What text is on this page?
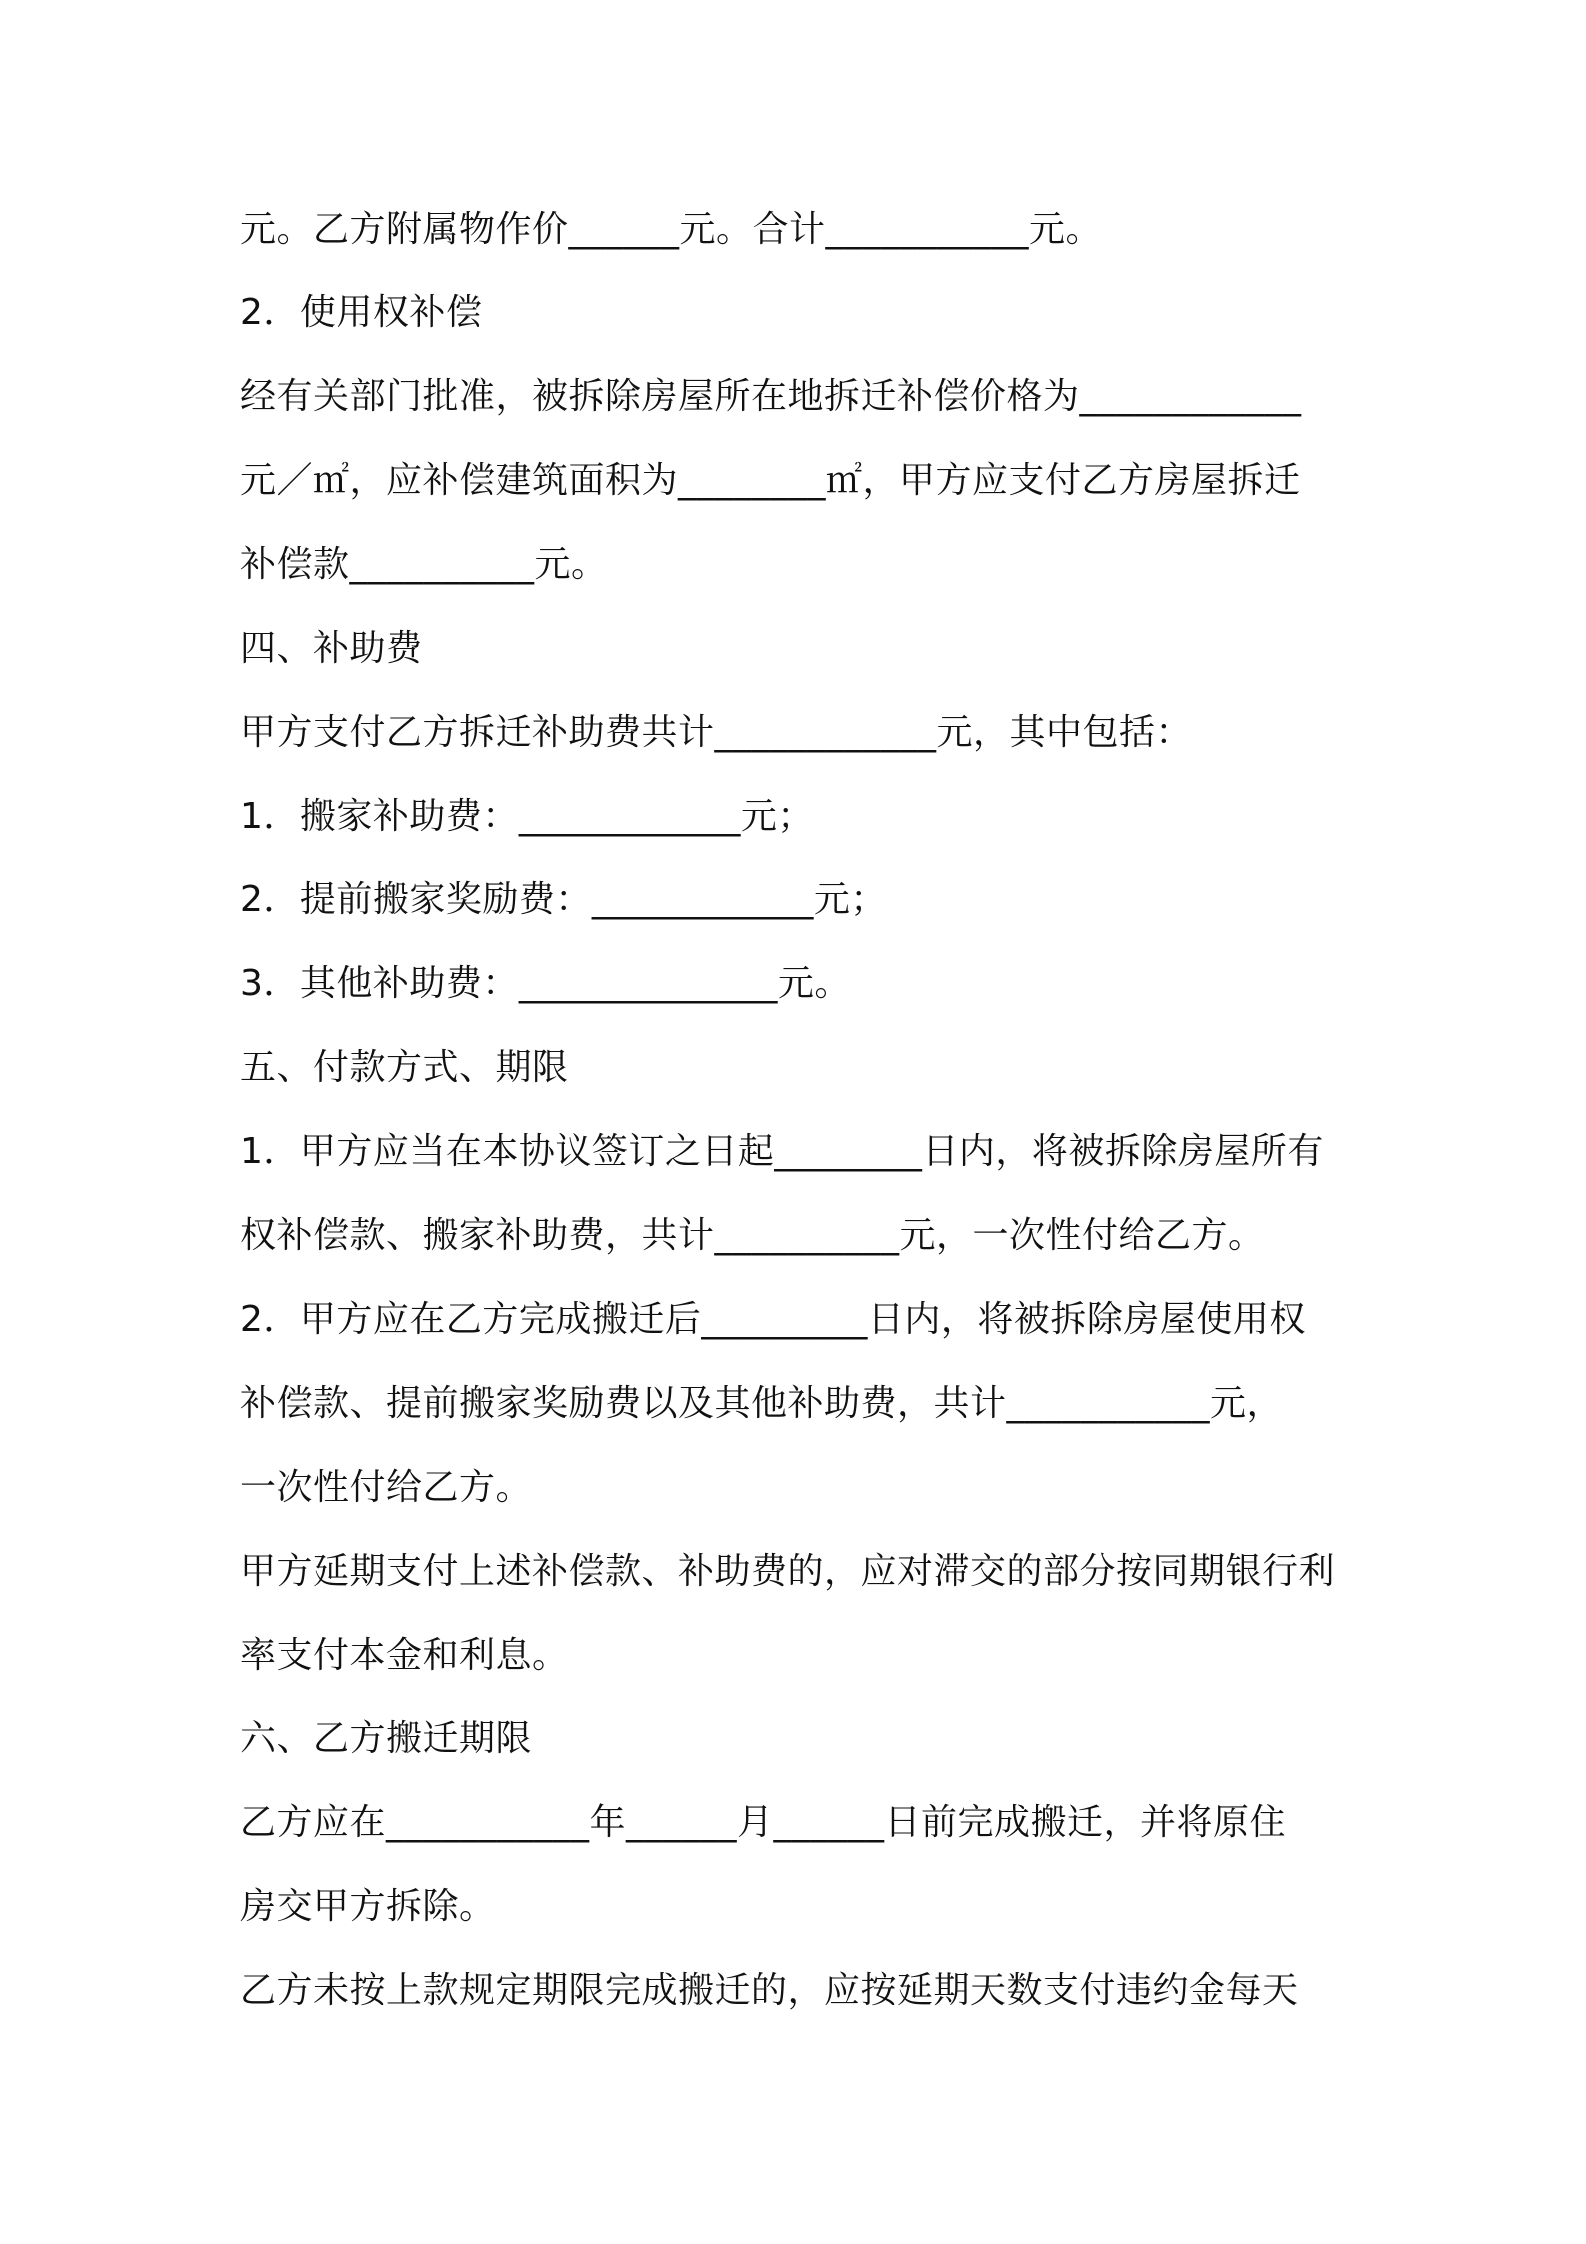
元。乙方附属物作价______元。合计___________元。
2．使用权补偿
经有关部门批准，被拆除房屋所在地拆迁补偿价格为____________
元／㎡，应补偿建筑面积为________㎡，甲方应支付乙方房屋拆迁
补偿款__________元。
四、补助费
甲方支付乙方拆迁补助费共计____________元，其中包括：
1．搬家补助费：____________元；
2．提前搬家奖励费：____________元；
3．其他补助费：______________元。
五、付款方式、期限
1．甲方应当在本协议签订之日起________日内，将被拆除房屋所有
权补偿款、搬家补助费，共计__________元，一次性付给乙方。
2．甲方应在乙方完成搬迁后_________日内，将被拆除房屋使用权
补偿款、提前搬家奖励费以及其他补助费，共计___________元，
一次性付给乙方。
甲方延期支付上述补偿款、补助费的，应对滞交的部分按同期银行利
率支付本金和利息。
六、乙方搬迁期限
乙方应在___________年______月______日前完成搬迁，并将原住
房交甲方拆除。
乙方未按上款规定期限完成搬迁的，应按延期天数支付违约金每天
